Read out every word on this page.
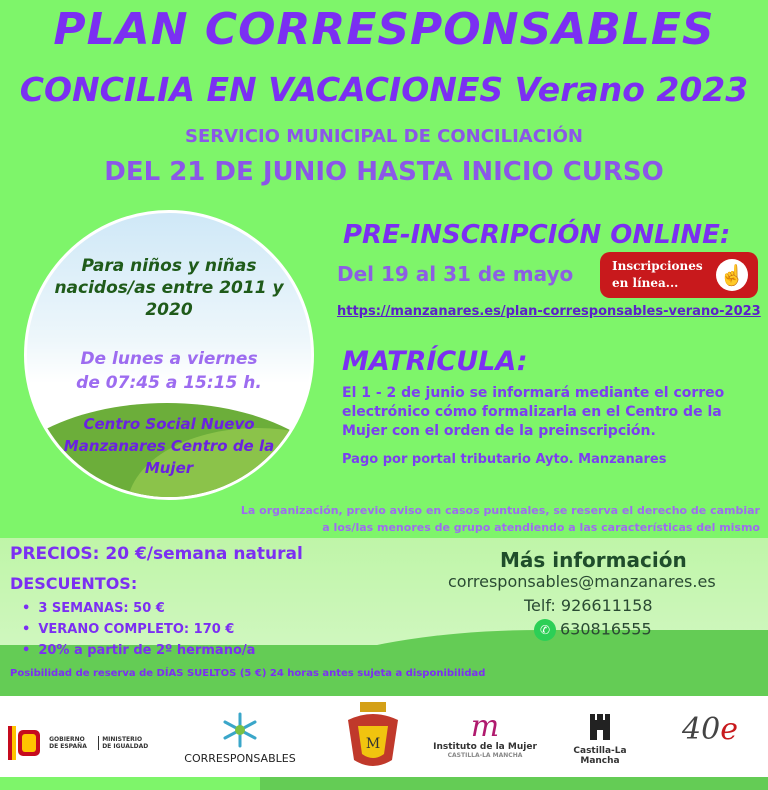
PLAN CORRESPONSABLES
CONCILIA EN VACACIONES Verano 2023
SERVICIO MUNICIPAL DE CONCILIACIÓN
DEL 21 DE JUNIO HASTA INICIO CURSO
Para niños y niñas nacidos/as entre 2011 y 2020
De lunes a viernes de 07:45 a 15:15 h.
Centro Social Nuevo Manzanares Centro de la Mujer
PRE-INSCRIPCIÓN ONLINE:
Del 19 al 31 de mayo	Inscripciones en línea...	☝
https://manzanares.es/plan-corresponsables-verano-2023
MATRÍCULA:
El 1 - 2 de junio se informará mediante el correo electrónico cómo formalizarla en el Centro de la Mujer con el orden de la preinscripción.
Pago por portal tributario Ayto. Manzanares
La organización, previo aviso en casos puntuales, se reserva el derecho de cambiar a los/las menores de grupo atendiendo a las características del mismo
PRECIOS: 20 €/semana natural
DESCUENTOS:
• 3 SEMANAS: 50 €
• VERANO COMPLETO: 170 €
• 20% a partir de 2º hermano/a
Posibilidad de reserva de DÍAS SUELTOS (5 €) 24 horas antes sujeta a disponibilidad
Más información
corresponsables@manzanares.es
Telf: 926611158
✆ 630816555
GOBIERNO DE ESPAÑA MINISTERIO DE IGUALDAD
CORRESPONSABLES
M	m
Instituto de la Mujer
CASTILLA-LA MANCHA	Castilla-La Mancha
40e
